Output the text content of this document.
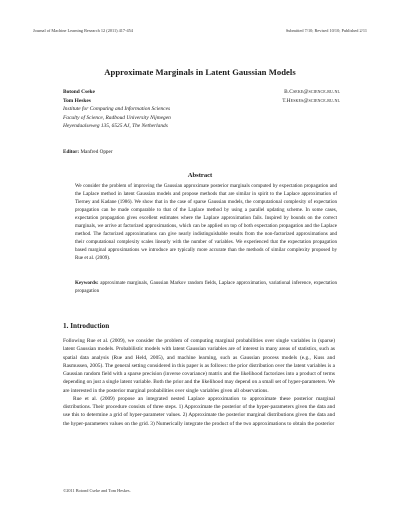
Journal of Machine Learning Research 12 (2011) 417-454	Submitted 7/10; Revised 10/10; Published 2/11
Approximate Marginals in Latent Gaussian Models
Botond Cseke	B.Cseke@science.ru.nl
Tom Heskes	T.Heskes@science.ru.nl
Institute for Computing and Information Sciences
Faculty of Science, Radboud University Nijmegen
Heyendaalseweg 135, 6525 AJ, The Netherlands
Editor: Manfred Opper
Abstract
We consider the problem of improving the Gaussian approximate posterior marginals computed by expectation propagation and the Laplace method in latent Gaussian models and propose methods that are similar in spirit to the Laplace approximation of Tierney and Kadane (1986). We show that in the case of sparse Gaussian models, the computational complexity of expectation propagation can be made comparable to that of the Laplace method by using a parallel updating scheme. In some cases, expectation propagation gives excellent estimates where the Laplace approximation fails. Inspired by bounds on the correct marginals, we arrive at factorized approximations, which can be applied on top of both expectation propagation and the Laplace method. The factorized approximations can give nearly indistinguishable results from the non-factorized approximations and their computational complexity scales linearly with the number of variables. We experienced that the expectation propagation based marginal approximations we introduce are typically more accurate than the methods of similar complexity proposed by Rue et al. (2009).
Keywords: approximate marginals, Gaussian Markov random fields, Laplace approximation, variational inference, expectation propagation
1. Introduction

Following Rue et al. (2009), we consider the problem of computing marginal probabilities over single variables in (sparse) latent Gaussian models. Probabilistic models with latent Gaussian variables are of interest in many areas of statistics, such as spatial data analysis (Rue and Held, 2005), and machine learning, such as Gaussian process models (e.g., Kuss and Rasmussen, 2005). The general setting considered in this paper is as follows: the prior distribution over the latent variables is a Gaussian random field with a sparse precision (inverse covariance) matrix and the likelihood factorizes into a product of terms depending on just a single latent variable. Both the prior and the likelihood may depend on a small set of hyper-parameters. We are interested in the posterior marginal probabilities over single variables given all observations.

Rue et al. (2009) propose an integrated nested Laplace approximation to approximate these posterior marginal distributions. Their procedure consists of three steps. 1) Approximate the posterior of the hyper-parameters given the data and use this to determine a grid of hyper-parameter values. 2) Approximate the posterior marginal distributions given the data and the hyper-parameters values on the grid. 3) Numerically integrate the product of the two approximations to obtain the posterior

©2011 Botond Cseke and Tom Heskes.
